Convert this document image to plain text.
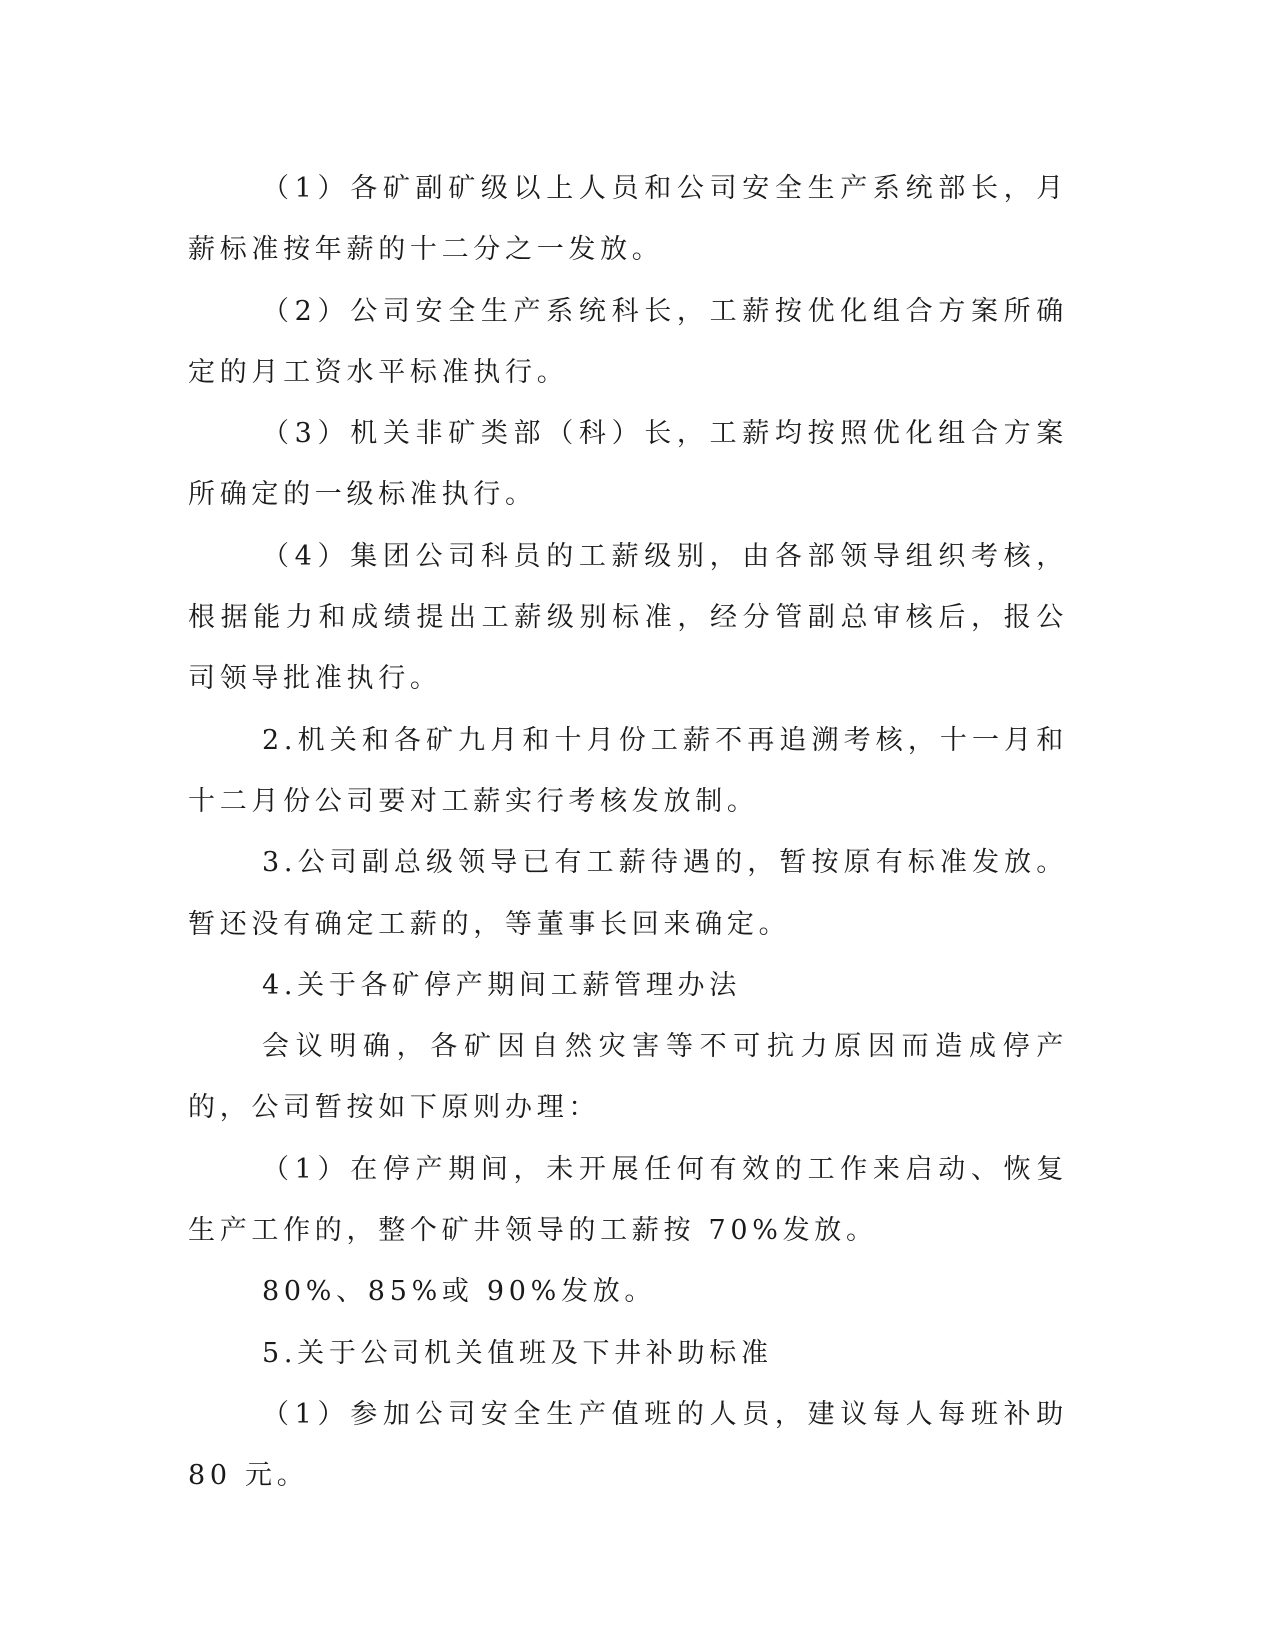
（1）各矿副矿级以上人员和公司安全生产系统部长，月薪标准按年薪的十二分之一发放。

（2）公司安全生产系统科长，工薪按优化组合方案所确定的月工资水平标准执行。

（3）机关非矿类部（科）长，工薪均按照优化组合方案所确定的一级标准执行。

（4）集团公司科员的工薪级别，由各部领导组织考核，根据能力和成绩提出工薪级别标准，经分管副总审核后，报公司领导批准执行。

2.机关和各矿九月和十月份工薪不再追溯考核，十一月和十二月份公司要对工薪实行考核发放制。

3.公司副总级领导已有工薪待遇的，暂按原有标准发放。暂还没有确定工薪的，等董事长回来确定。

4.关于各矿停产期间工薪管理办法

会议明确，各矿因自然灾害等不可抗力原因而造成停产的，公司暂按如下原则办理：

（1）在停产期间，未开展任何有效的工作来启动、恢复生产工作的，整个矿井领导的工薪按 70%发放。

80%、85%或 90%发放。

5.关于公司机关值班及下井补助标准

（1）参加公司安全生产值班的人员，建议每人每班补助 80 元。
